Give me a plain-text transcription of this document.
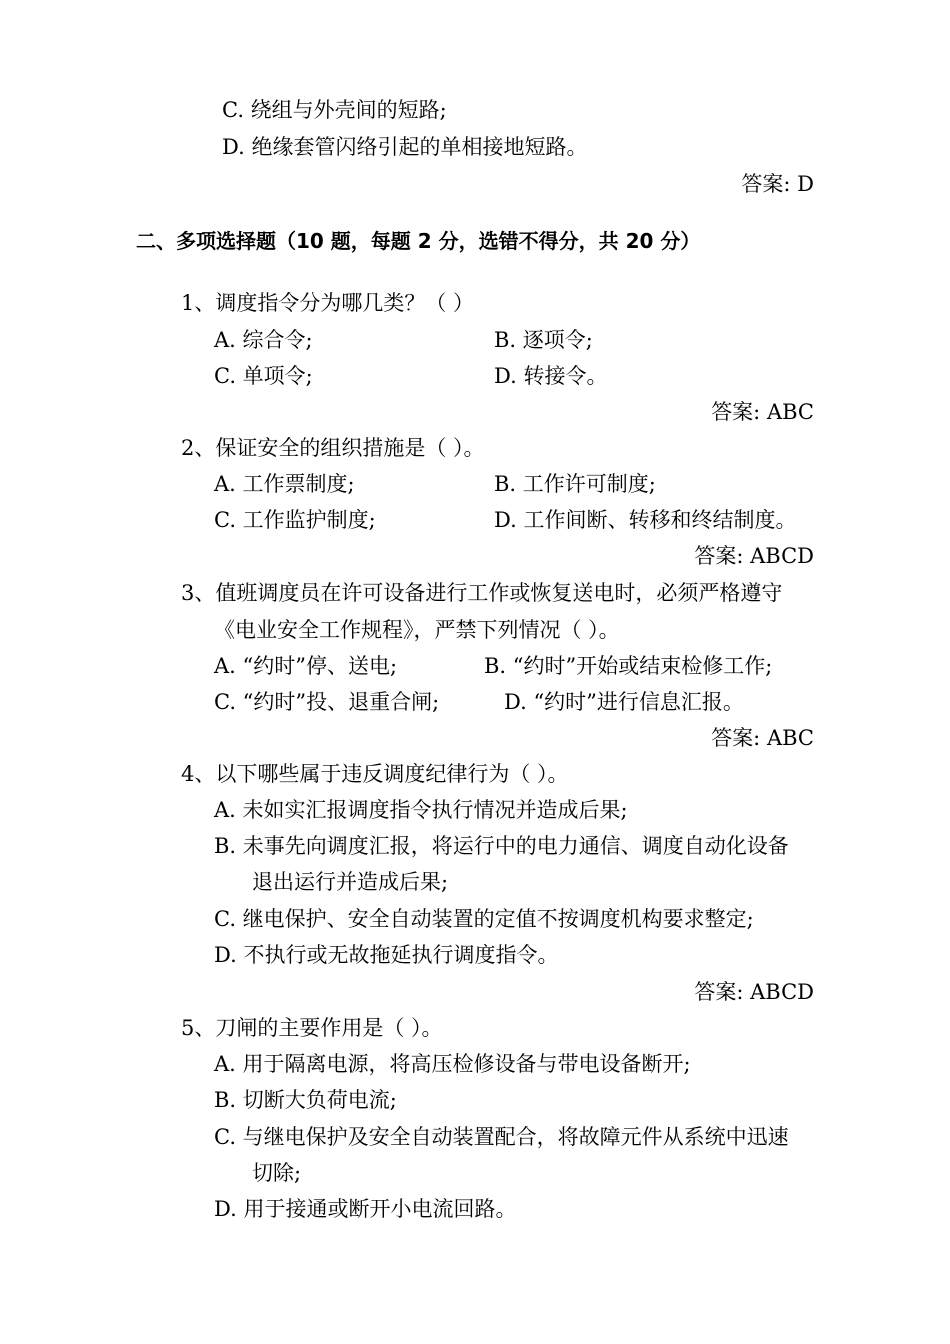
C. 绕组与外壳间的短路;
D. 绝缘套管闪络引起的单相接地短路。
答案: D
二、多项选择题（10 题，每题 2 分，选错不得分，共 20 分）
1、调度指令分为哪几类？（ ）
A. 综合令;	B. 逐项令;
C. 单项令;	D. 转接令。
答案: ABC
2、保证安全的组织措施是（ ）。
A. 工作票制度;	B. 工作许可制度;
C. 工作监护制度;	D. 工作间断、转移和终结制度。
答案: ABCD
3、值班调度员在许可设备进行工作或恢复送电时，必须严格遵守
《电业安全工作规程》，严禁下列情况（ ）。
A. “约时”停、送电;	B. “约时”开始或结束检修工作;
C. “约时”投、退重合闸;	D. “约时”进行信息汇报。
答案: ABC
4、以下哪些属于违反调度纪律行为（ ）。
A. 未如实汇报调度指令执行情况并造成后果;
B. 未事先向调度汇报，将运行中的电力通信、调度自动化设备
退出运行并造成后果;
C. 继电保护、安全自动装置的定值不按调度机构要求整定;
D. 不执行或无故拖延执行调度指令。
答案: ABCD
5、刀闸的主要作用是（ ）。
A. 用于隔离电源，将高压检修设备与带电设备断开;
B. 切断大负荷电流;
C. 与继电保护及安全自动装置配合，将故障元件从系统中迅速
切除;
D. 用于接通或断开小电流回路。
